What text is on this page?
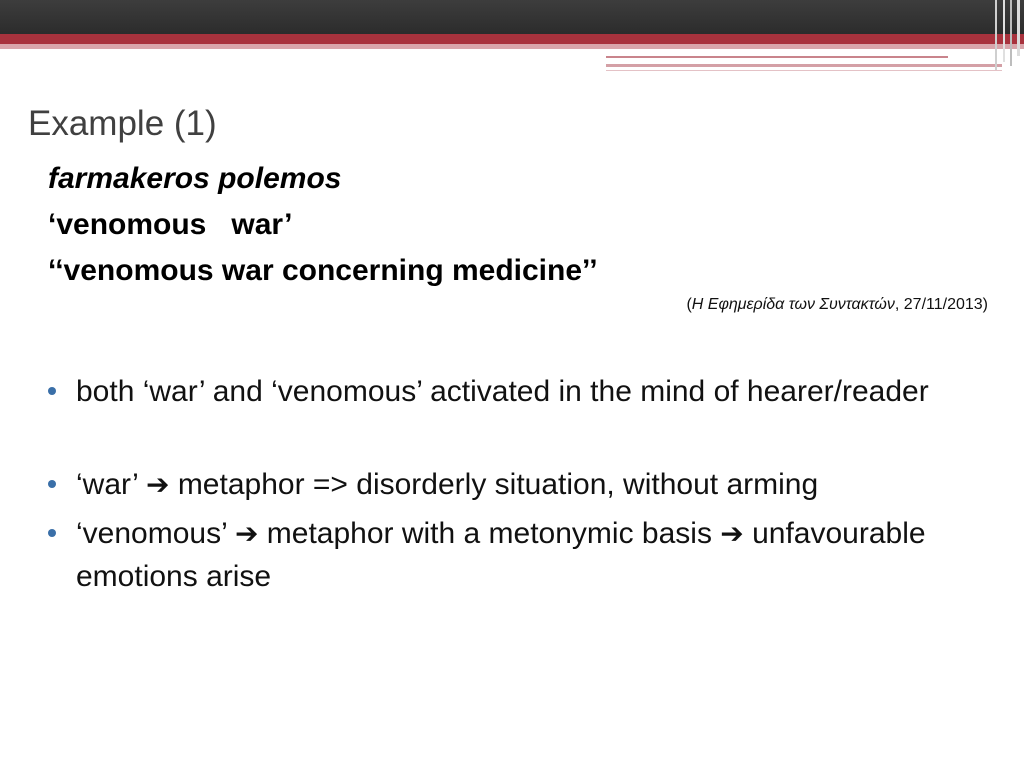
Example (1)

farmakeros polemos

‘venomous   war’

‘‘venomous war concerning medicine’’

(Η Εφημερίδα των Συντακτών, 27/11/2013)
both ‘war’ and ‘venomous’ activated in the mind of hearer/reader
‘war’ ➔ metaphor => disorderly situation, without arming
‘venomous’ ➔ metaphor with a metonymic basis ➔ unfavourable emotions arise
